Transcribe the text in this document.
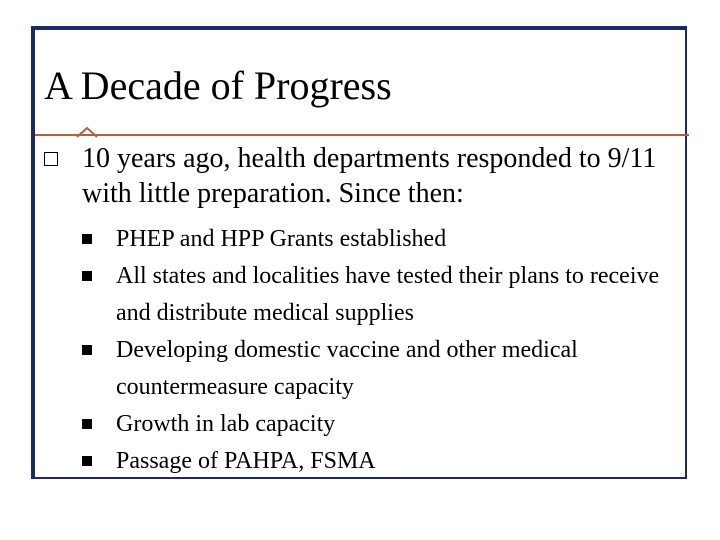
A Decade of Progress

10 years ago, health departments responded to 9/11 with little preparation. Since then:

PHEP and HPP Grants established
All states and localities have tested their plans to receive and distribute medical supplies
Developing domestic vaccine and other medical countermeasure capacity
Growth in lab capacity
Passage of PAHPA, FSMA
